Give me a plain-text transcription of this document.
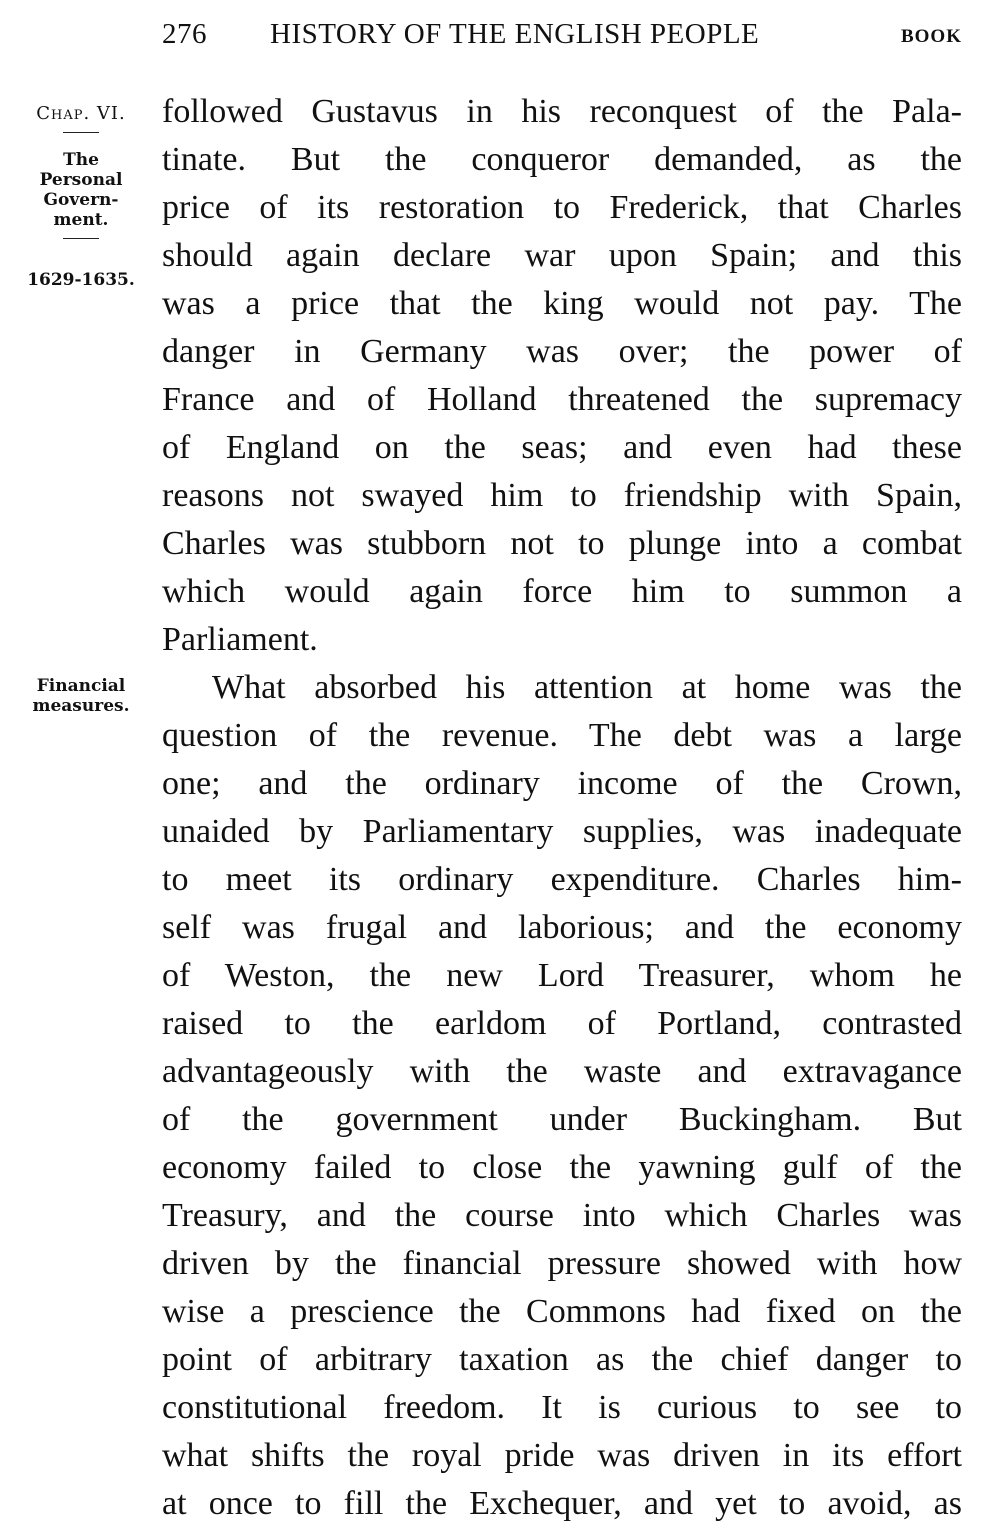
276 HISTORY OF THE ENGLISH PEOPLE	BOOK
Chap. VI.
The
Personal
Govern-
ment.
1629-1635.
Financial
measures.
followed Gustavus in his reconquest of the Pala-
tinate. But the conqueror demanded, as the
price of its restoration to Frederick, that Charles
should again declare war upon Spain; and this
was a price that the king would not pay. The
danger in Germany was over; the power of
France and of Holland threatened the supremacy
of England on the seas; and even had these
reasons not swayed him to friendship with Spain,
Charles was stubborn not to plunge into a combat
which would again force him to summon a
Parliament.
What absorbed his attention at home was the
question of the revenue. The debt was a large
one; and the ordinary income of the Crown,
unaided by Parliamentary supplies, was inadequate
to meet its ordinary expenditure. Charles him-
self was frugal and laborious; and the economy
of Weston, the new Lord Treasurer, whom he
raised to the earldom of Portland, contrasted
advantageously with the waste and extravagance
of the government under Buckingham. But
economy failed to close the yawning gulf of the
Treasury, and the course into which Charles was
driven by the financial pressure showed with how
wise a prescience the Commons had fixed on the
point of arbitrary taxation as the chief danger to
constitutional freedom. It is curious to see to
what shifts the royal pride was driven in its effort
at once to fill the Exchequer, and yet to avoid, as
